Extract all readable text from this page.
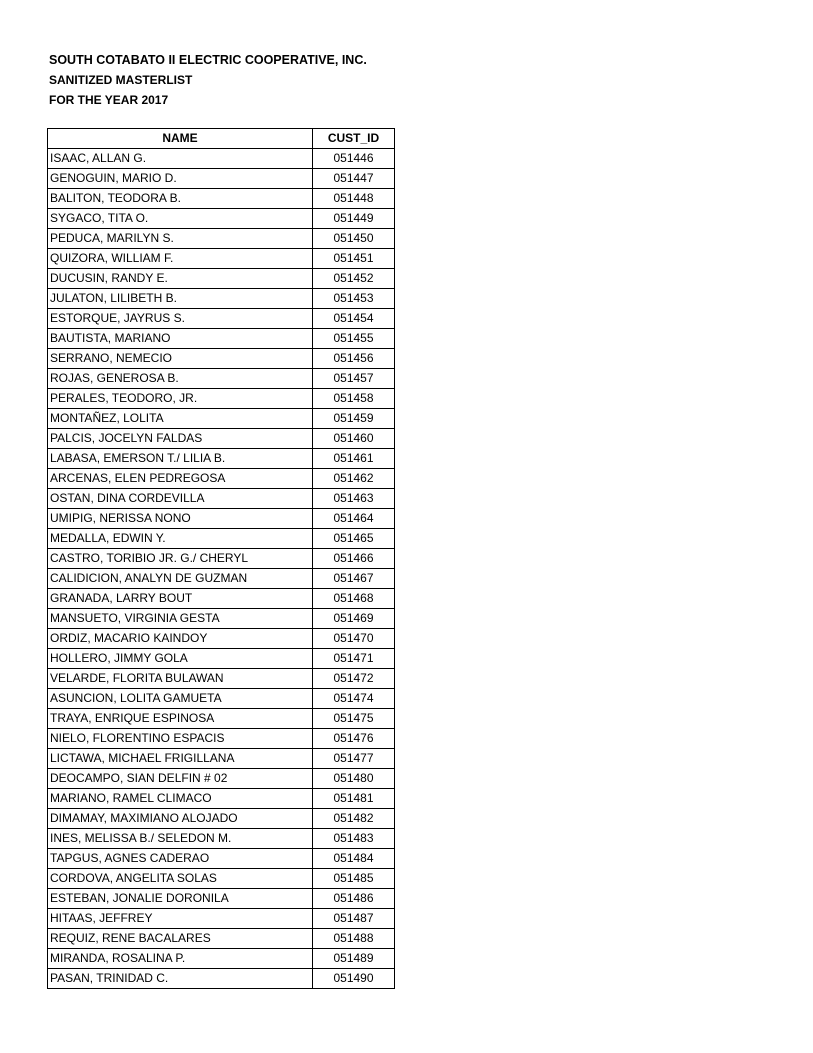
SOUTH COTABATO II ELECTRIC COOPERATIVE, INC.
SANITIZED MASTERLIST
FOR THE YEAR 2017
NAME	CUST_ID
ISAAC, ALLAN G.	051446
GENOGUIN, MARIO D.	051447
BALITON, TEODORA B.	051448
SYGACO, TITA O.	051449
PEDUCA, MARILYN S.	051450
QUIZORA, WILLIAM F.	051451
DUCUSIN, RANDY E.	051452
JULATON, LILIBETH B.	051453
ESTORQUE, JAYRUS S.	051454
BAUTISTA, MARIANO	051455
SERRANO, NEMECIO	051456
ROJAS, GENEROSA B.	051457
PERALES, TEODORO, JR.	051458
MONTAÑEZ, LOLITA	051459
PALCIS, JOCELYN FALDAS	051460
LABASA, EMERSON T./ LILIA B.	051461
ARCENAS, ELEN PEDREGOSA	051462
OSTAN, DINA CORDEVILLA	051463
UMIPIG, NERISSA NONO	051464
MEDALLA, EDWIN Y.	051465
CASTRO, TORIBIO JR. G./ CHERYL	051466
CALIDICION, ANALYN DE GUZMAN	051467
GRANADA, LARRY BOUT	051468
MANSUETO, VIRGINIA GESTA	051469
ORDIZ, MACARIO KAINDOY	051470
HOLLERO, JIMMY GOLA	051471
VELARDE, FLORITA BULAWAN	051472
ASUNCION, LOLITA GAMUETA	051474
TRAYA, ENRIQUE ESPINOSA	051475
NIELO, FLORENTINO ESPACIS	051476
LICTAWA, MICHAEL FRIGILLANA	051477
DEOCAMPO, SIAN DELFIN # 02	051480
MARIANO, RAMEL CLIMACO	051481
DIMAMAY, MAXIMIANO ALOJADO	051482
INES, MELISSA B./ SELEDON M.	051483
TAPGUS, AGNES CADERAO	051484
CORDOVA, ANGELITA SOLAS	051485
ESTEBAN, JONALIE DORONILA	051486
HITAAS, JEFFREY	051487
REQUIZ, RENE BACALARES	051488
MIRANDA, ROSALINA P.	051489
PASAN, TRINIDAD C.	051490
